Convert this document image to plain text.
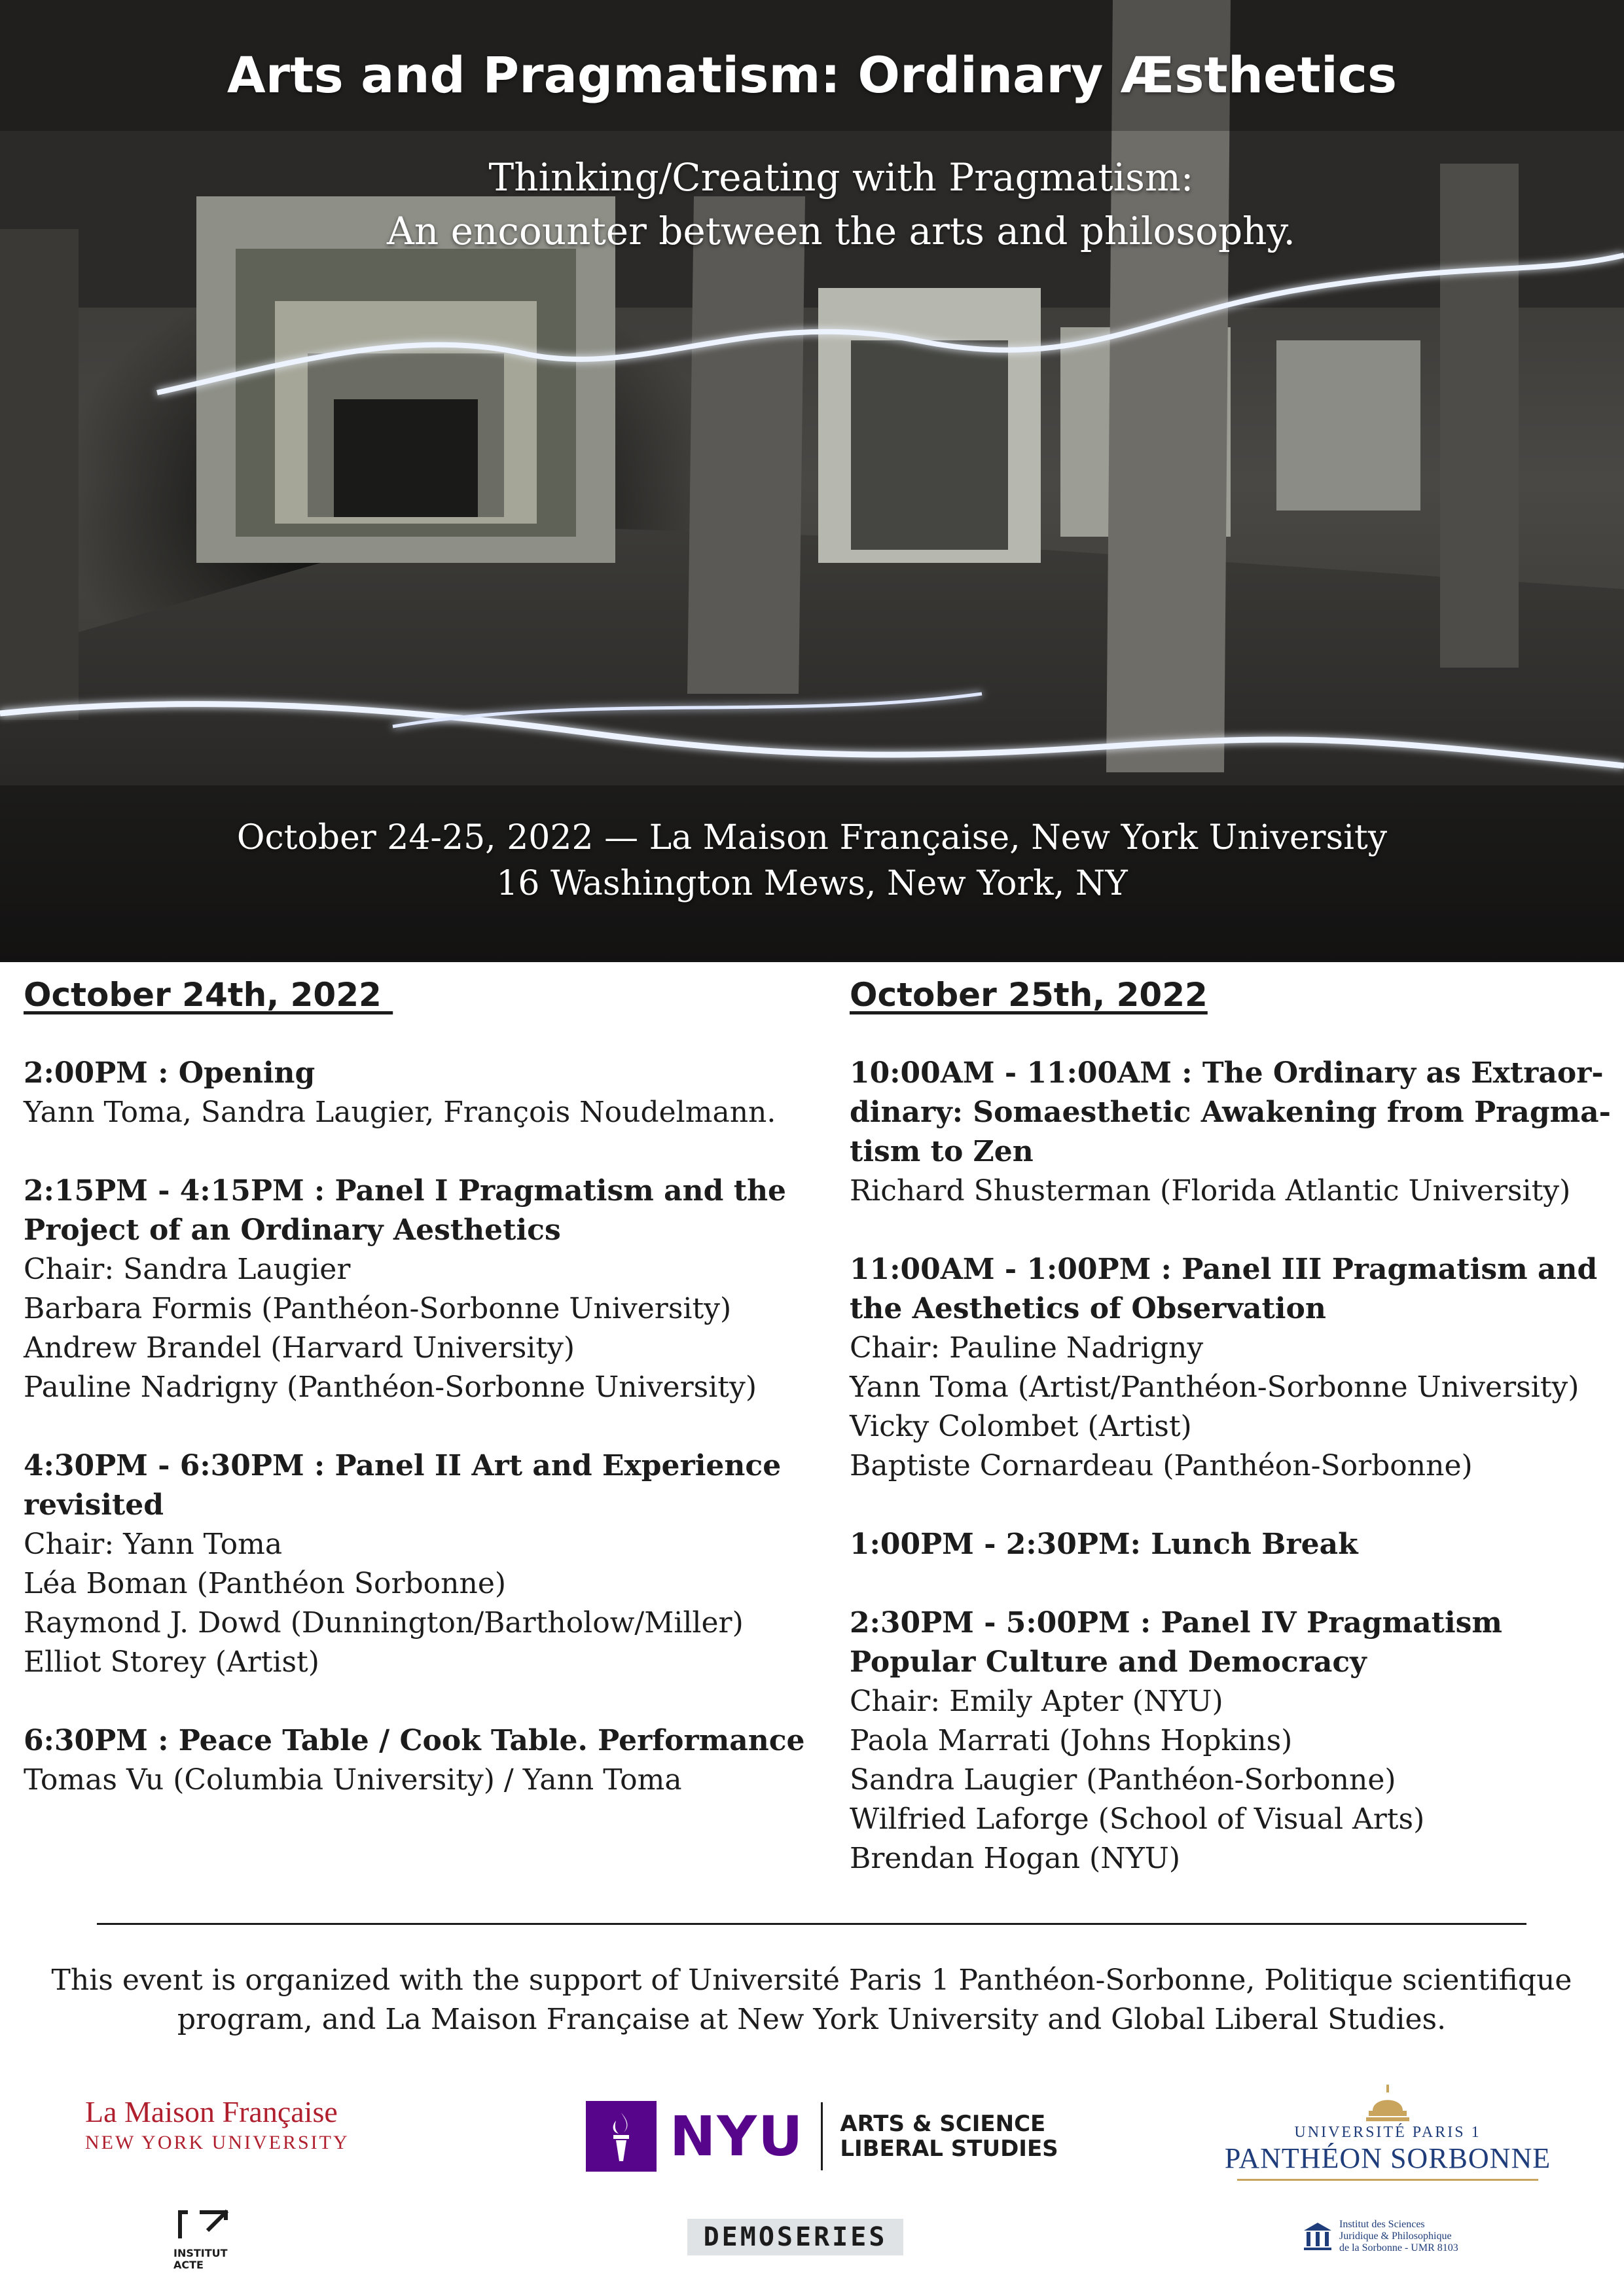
Arts and Pragmatism: Ordinary Æsthetics
Thinking/Creating with Pragmatism:
An encounter between the arts and philosophy.
October 24-25, 2022 — La Maison Française, New York University
16 Washington Mews, New York, NY
October 24th, 2022
2:00PM : Opening
Yann Toma, Sandra Laugier, François Noudelmann.
2:15PM - 4:15PM : Panel I Pragmatism and the
Project of an Ordinary Aesthetics
Chair: Sandra Laugier
Barbara Formis (Panthéon-Sorbonne University)
Andrew Brandel (Harvard University)
Pauline Nadrigny (Panthéon-Sorbonne University)
4:30PM - 6:30PM : Panel II Art and Experience
revisited
Chair: Yann Toma
Léa Boman (Panthéon Sorbonne)
Raymond J. Dowd (Dunnington/Bartholow/Miller)
Elliot Storey (Artist)
6:30PM : Peace Table / Cook Table. Performance
Tomas Vu (Columbia University) / Yann Toma
October 25th, 2022
10:00AM - 11:00AM : The Ordinary as Extraor-
dinary: Somaesthetic Awakening from Pragma-
tism to Zen
Richard Shusterman (Florida Atlantic University)
11:00AM - 1:00PM : Panel III Pragmatism and
the Aesthetics of Observation
Chair: Pauline Nadrigny
Yann Toma (Artist/Panthéon-Sorbonne University)
Vicky Colombet (Artist)
Baptiste Cornardeau (Panthéon-Sorbonne)
1:00PM - 2:30PM: Lunch Break
2:30PM - 5:00PM : Panel IV Pragmatism
Popular Culture and Democracy
Chair: Emily Apter (NYU)
Paola Marrati (Johns Hopkins)
Sandra Laugier (Panthéon-Sorbonne)
Wilfried Laforge (School of Visual Arts)
Brendan Hogan (NYU)
This event is organized with the support of Université Paris 1 Panthéon-Sorbonne, Politique scientifique
program, and La Maison Française at New York University and Global Liberal Studies.
La Maison Française
NEW YORK UNIVERSITY	NYU ARTS & SCIENCE
LIBERAL STUDIES
UNIVERSITÉ PARIS 1
PANTHÉON SORBONNE
INSTITUT
ACTE
DEMOSERIES	Institut des Sciences
Juridique & Philosophique
de la Sorbonne - UMR 8103
